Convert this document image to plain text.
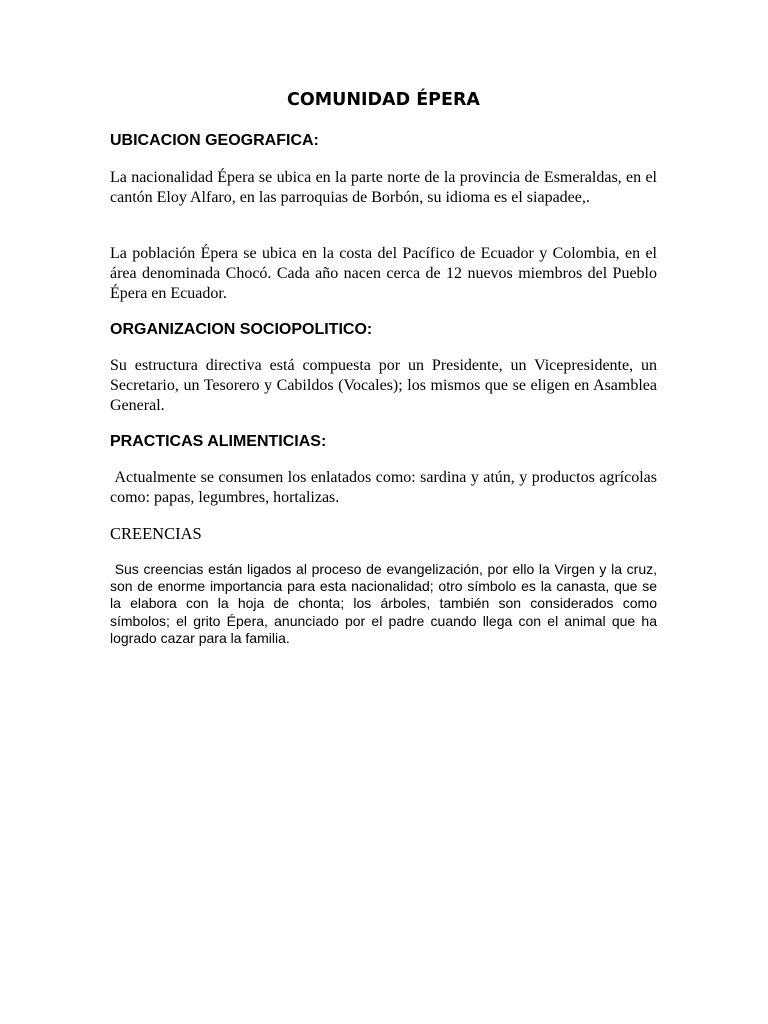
COMUNIDAD ÉPERA
UBICACION GEOGRAFICA:

La nacionalidad Épera se ubica en la parte norte de la provincia de Esmeraldas, en el cantón Eloy Alfaro, en las parroquias de Borbón, su idioma es el siapadee,.

La población Épera se ubica en la costa del Pacífico de Ecuador y Colombia, en el área denominada Chocó. Cada año nacen cerca de 12 nuevos miembros del Pueblo Épera en Ecuador.

ORGANIZACION SOCIOPOLITICO:

Su estructura directiva está compuesta por un Presidente, un Vicepresidente, un Secretario, un Tesorero y Cabildos (Vocales); los mismos que se eligen en Asamblea General.

PRACTICAS ALIMENTICIAS:

Actualmente se consumen los enlatados como: sardina y atún, y productos agrícolas como: papas, legumbres, hortalizas.

CREENCIAS

Sus creencias están ligados al proceso de evangelización, por ello la Virgen y la cruz, son de enorme importancia para esta nacionalidad; otro símbolo es la canasta, que se la elabora con la hoja de chonta; los árboles, también son considerados como símbolos; el grito Épera, anunciado por el padre cuando llega con el animal que ha logrado cazar para la familia.
